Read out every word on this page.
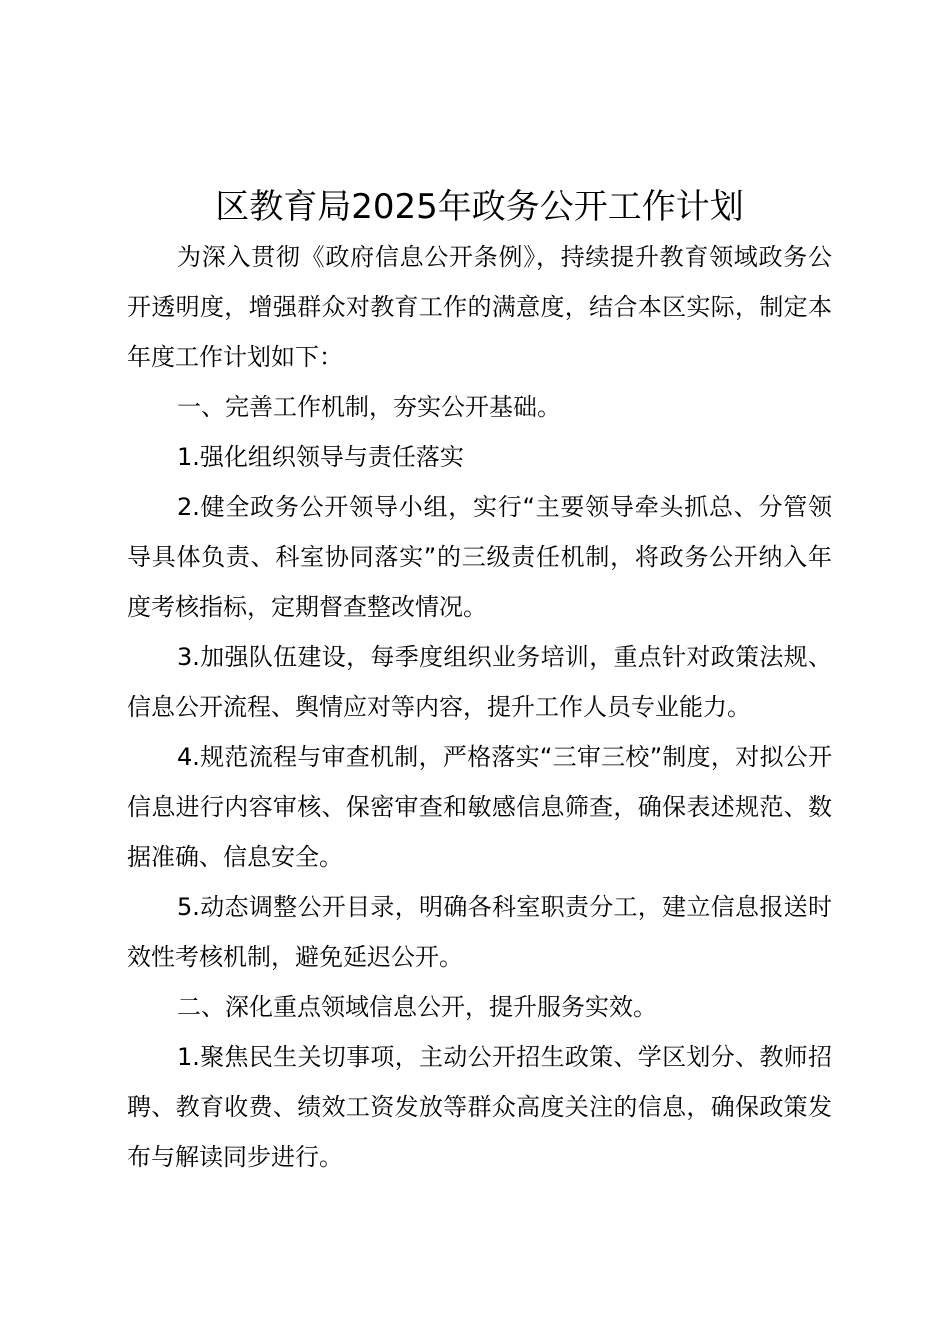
区教育局2025年政务公开工作计划

为深入贯彻《政府信息公开条例》，持续提升教育领域政务公开透明度，增强群众对教育工作的满意度，结合本区实际，制定本年度工作计划如下：

一、完善工作机制，夯实公开基础。

1.强化组织领导与责任落实

2.健全政务公开领导小组，实行“主要领导牵头抓总、分管领导具体负责、科室协同落实”的三级责任机制，将政务公开纳入年度考核指标，定期督查整改情况。

3.加强队伍建设，每季度组织业务培训，重点针对政策法规、信息公开流程、舆情应对等内容，提升工作人员专业能力。

4.规范流程与审查机制，严格落实“三审三校”制度，对拟公开信息进行内容审核、保密审查和敏感信息筛查，确保表述规范、数据准确、信息安全。

5.动态调整公开目录，明确各科室职责分工，建立信息报送时效性考核机制，避免延迟公开。

二、深化重点领域信息公开，提升服务实效。

1.聚焦民生关切事项，主动公开招生政策、学区划分、教师招聘、教育收费、绩效工资发放等群众高度关注的信息，确保政策发布与解读同步进行。
